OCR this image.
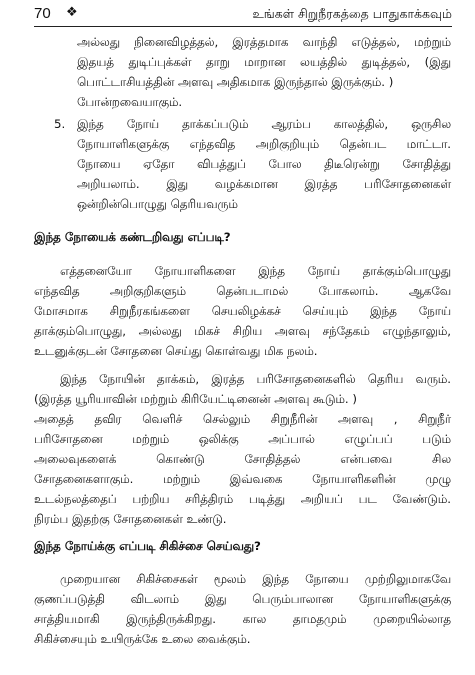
70 ❖	உங்கள் சிறுநீரகத்தை பாதுகாக்கவும்
அல்லது நினைவிழத்தல், இரத்தமாக வாந்தி எடுத்தல், மற்றும்
இதயத் துடிப்புக்கள் தாறு மாறான லயத்தில் துடித்தல், (இது
பொட்டாசியத்தின் அளவு அதிகமாக இருந்தால் இருக்கும். )
போன்றவையாகும்.
5. இந்த நோய் தாக்கப்படும் ஆரம்ப காலத்தில், ஒருசில
நோயாளிகளுக்கு எந்தவித அறிகுறியும் தென்பட மாட்டா.
நோயை ஏதோ விபத்துப் போல திடீரென்று சோதித்து
அறியலாம். இது வழக்கமான இரத்த பரிசோதனைகள்
ஒன்றின்பொழுது தெரியவரும்
இந்த நோயைக் கண்டறிவது எப்படி?
எத்தனையோ நோயாளிகளை இந்த நோய் தாக்கும்பொழுது
எந்தவித அறிகுறிகளும் தென்படாமல் போகலாம். ஆகவே
மோசமாக சிறுநீரகங்களை செயலிழக்கச் செய்யும் இந்த நோய்
தாக்கும்பொழுது, அல்லது மிகச் சிறிய அளவு சந்தேகம் எழுந்தாலும்,
உடனுக்குடன் சோதனை செய்து கொள்வது மிக நலம்.
இந்த நோயின் தாக்கம், இரத்த பரிசோதனைகளில் தெரிய வரும்.
(இரத்த யூரியாவின் மற்றும் கிரியேட்டினைன் அளவு கூடும். )
அதைத் தவிர வெளிச் செல்லும் சிறுநீரின் அளவு , சிறுநீர்
பரிசோதனை மற்றும் ஒலிக்கு அப்பால் எழுப்பப் படும்
அலைவுகளைக் கொண்டு சோதித்தல் என்பவை சில
சோதனைகளாகும். மற்றும் இவ்வகை நோயாளிகளின் முழு
உடல்நலத்தைப் பற்றிய சரித்திரம் படித்து அறியப் பட வேண்டும்.
நிரம்ப இதற்கு சோதனைகள் உண்டு.
இந்த நோய்க்கு எப்படி சிகிச்சை செய்வது?
முறையான சிகிச்சைகள் மூலம் இந்த நோயை முற்றிலுமாகவே
குணப்படுத்தி விடலாம் இது பெரும்பாலான நோயாளிகளுக்கு
சாத்தியமாகி இருந்திருக்கிறது. கால தாமதமும் முறையில்லாத
சிகிச்சையும் உயிருக்கே உலை வைக்கும்.
